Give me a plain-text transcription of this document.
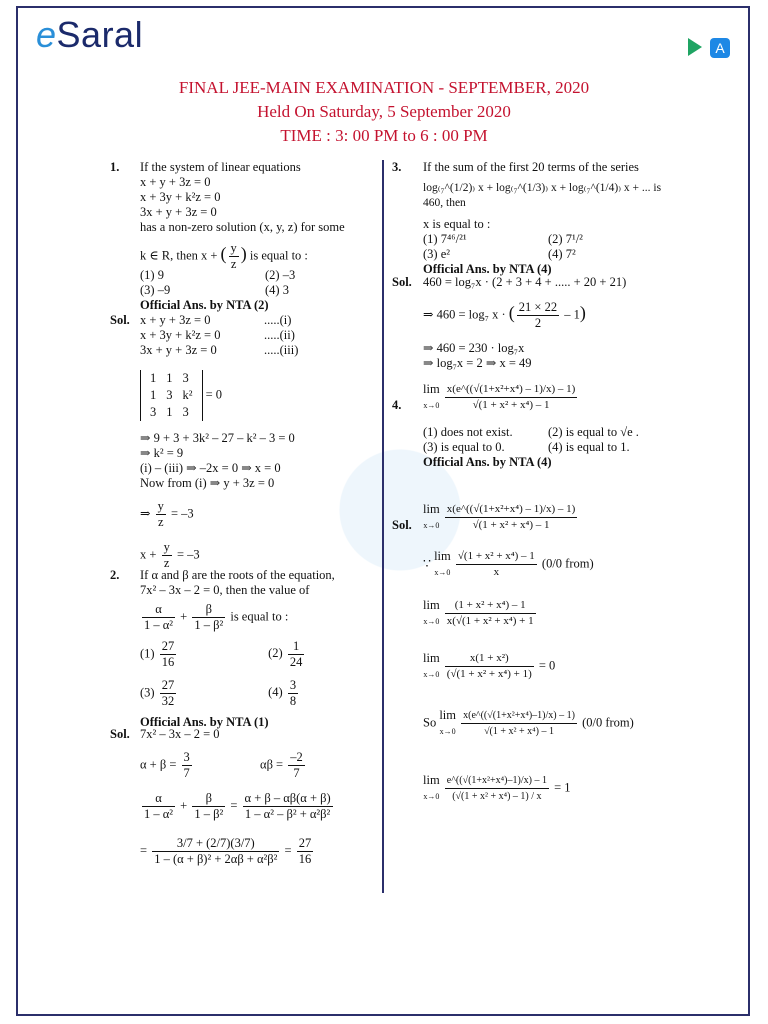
eSaral	A
FINAL JEE-MAIN EXAMINATION - SEPTEMBER, 2020
Held On Saturday, 5 September 2020
TIME : 3: 00 PM to 6 : 00 PM
1. If the system of linear equations
x + y + 3z = 0
x + 3y + k²z = 0
3x + y + 3z = 0
has a non-zero solution (x, y, z) for some
k ∈ R, then x + ( $\frac{y}{z}$ ) is equal to :
(1) 9	(2) –3
(3) –9	(4) 3
Official Ans. by NTA (2)
Sol. x + y + 3z = 0	.....(i)
x + 3y + k²z = 0	.....(ii)
3x + y + 3z = 0	.....(iii)
1	1	3
1	3	k²
3	1	3 = 0
⇒ 9 + 3 + 3k² – 27 – k² – 3 = 0
⇒ k² = 9
(i) – (iii) ⇒ –2x = 0 ⇒ x = 0
Now from (i) ⇒ y + 3z = 0
⇒ $\frac{y}{z} = -3$
$x + \frac{y}{z} = -3$
2. If α and β are the roots of the equation,
7x² – 3x – 2 = 0, then the value of
$\frac{\alpha}{\text{1 – α²}} + \frac{\beta}{\text{1 – β²}}$ is equal to :
$(1) \frac{27}{16}$	$(2) \frac{1}{24}$
$(3) \frac{27}{32}$	$(4) \frac{3}{8}$
Official Ans. by NTA (1)
Sol. 7x² – 3x – 2 = 0
$\alpha + \beta = \frac{3}{7}$	$\alpha\beta = \frac{-2}{7}$
$\frac{\alpha}{\text{1 – α²}} + \frac{\beta}{\text{1 – β²}} = \frac{\alpha + \beta - \alpha\beta(\alpha + \beta)}{\text{1 – α² – β² + α²β²}}$
= $\frac{3/7 + (2/7)(3/7)}{\text{1 – (α + β)² + 2αβ + α²β²}} = \frac{27}{16}$
3. If the sum of the first 20 terms of the series
log₍₇^(1/2)₎ x + log₍₇^(1/3)₎ x + log₍₇^(1/4)₎ x + ... is 460, then
x is equal to :
(1) 7⁴⁶/²¹	(2) 7¹/²
(3) e²	(4) 7²
Official Ans. by NTA (4)
Sol. 460 = log₇x · (2 + 3 + 4 + ..... + 20 + 21)
⇒ 460 = log₇ x · ( $\frac{21 \times 22}{2} - 1$)
⇒ 460 = 230 · log₇x
⇒ log₇x = 2 ⇒ x = 49
4.
lim
$x\to 0 \frac{\text{x(e\textasciicircum{}((√(1+x²+x⁴) – 1)/x) – 1)}}{\text{√(1 + x² + x⁴) – 1}}$
(1) does not exist.	(2) is equal to √e .
(3) is equal to 0.	(4) is equal to 1.
Official Ans. by NTA (4)
Sol.
lim
$x\to 0 \frac{\text{x(e\textasciicircum{}((√(1+x²+x⁴) – 1)/x) – 1)}}{\text{√(1 + x² + x⁴) – 1}}$
∵ lim
$x\to 0 \frac{\text{√(1 + x² + x⁴) – 1}}{x} (0/0$ from)
lim
$x\to 0 \frac{\text{(1 + x² + x⁴) – 1}}{\text{x(√(1 + x² + x⁴) + 1}}$
lim
$x\to 0 \frac{\text{x(1 + x²)}}{\text{(√(1 + x² + x⁴) + 1)}} = 0$
So lim
$x\to 0 \frac{\text{x(e\textasciicircum{}((√(1+x²+x⁴)–1)/x) – 1)}}{\text{√(1 + x² + x⁴) – 1}} (0/0$ from)
lim
$x\to 0 \frac{\text{e\textasciicircum{}((√(1+x²+x⁴)–1)/x) – 1}}{\text{(√(1 + x² + x⁴) – 1) / x}} = 1$
